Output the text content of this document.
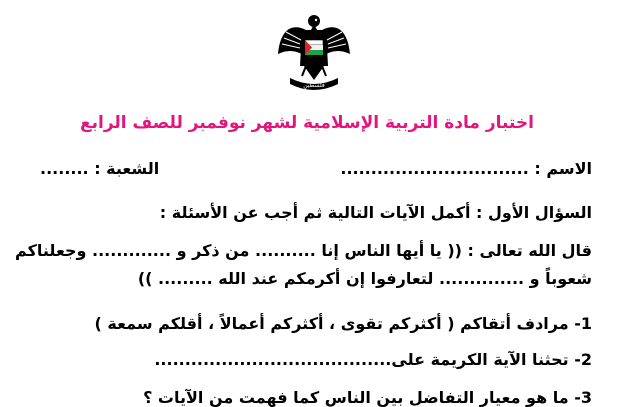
فلسطين
اختبار مادة التربية الإسلامية لشهر نوفمبر للصف الرابع
الاسم : ...............................
الشعبة : ........
السؤال الأول : أكمل الآيات التالية ثم أجب عن الأسئلة :
قال الله تعالى : (( يا أيها الناس إنا .......... من ذكر و ............. وجعلناكم
شعوباً و .............. لتعارفوا إن أكرمكم عند الله ......... ))
1- مرادف أتقاكم ( أكثركم تقوى ، أكثركم أعمالاً ، أقلكم سمعة )
2- تحثنا الآية الكريمة على.......................................
3- ما هو معيار التفاضل بين الناس كما فهمت من الآيات ؟
